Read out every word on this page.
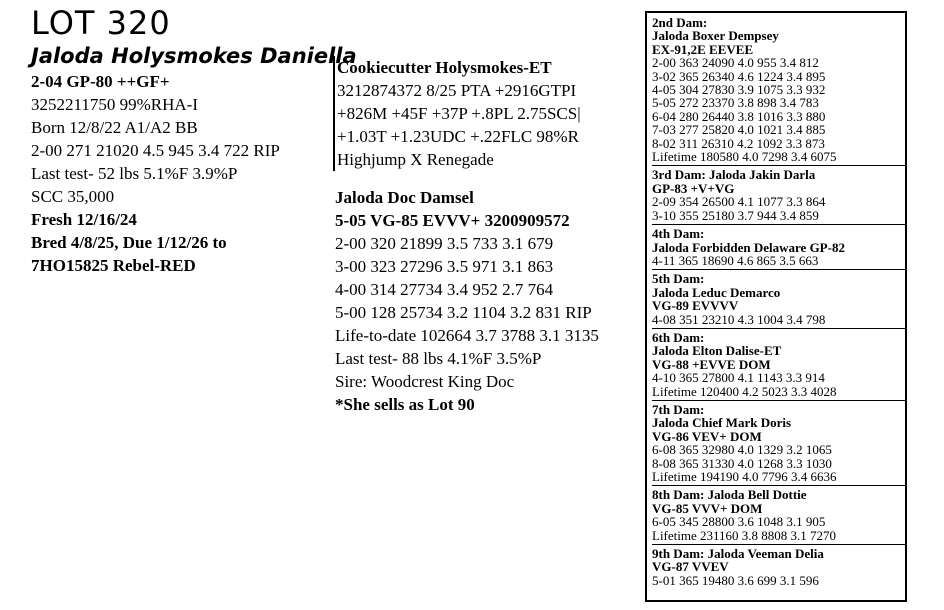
LOT 320
Jaloda Holysmokes Daniella
2-04 GP-80 ++GF+
3252211750 99%RHA-I
Born 12/8/22 A1/A2 BB
2-00 271 21020 4.5 945 3.4 722 RIP
Last test- 52 lbs 5.1%F 3.9%P
SCC 35,000
Fresh 12/16/24
Bred 4/8/25, Due 1/12/26 to
7HO15825 Rebel-RED
Cookiecutter Holysmokes-ET
3212874372 8/25 PTA +2916GTPI
+826M +45F +37P +.8PL 2.75SCS|
+1.03T +1.23UDC +.22FLC 98%R
Highjump X Renegade
Jaloda Doc Damsel
5-05 VG-85 EVVV+ 3200909572
2-00 320 21899 3.5 733 3.1 679
3-00 323 27296 3.5 971 3.1 863
4-00 314 27734 3.4 952 2.7 764
5-00 128 25734 3.2 1104 3.2 831 RIP
Life-to-date 102664 3.7 3788 3.1 3135
Last test- 88 lbs 4.1%F 3.5%P
Sire: Woodcrest King Doc
*She sells as Lot 90
2nd Dam:
Jaloda Boxer Dempsey
EX-91,2E EEVEE
2-00 363 24090 4.0 955 3.4 812
3-02 365 26340 4.6 1224 3.4 895
4-05 304 27830 3.9 1075 3.3 932
5-05 272 23370 3.8 898 3.4 783
6-04 280 26440 3.8 1016 3.3 880
7-03 277 25820 4.0 1021 3.4 885
8-02 311 26310 4.2 1092 3.3 873
Lifetime 180580 4.0 7298 3.4 6075
3rd Dam: Jaloda Jakin Darla
GP-83 +V+VG
2-09 354 26500 4.1 1077 3.3 864
3-10 355 25180 3.7 944 3.4 859
4th Dam:
Jaloda Forbidden Delaware GP-82
4-11 365 18690 4.6 865 3.5 663
5th Dam:
Jaloda Leduc Demarco
VG-89 EVVVV
4-08 351 23210 4.3 1004 3.4 798
6th Dam:
Jaloda Elton Dalise-ET
VG-88 +EVVE DOM
4-10 365 27800 4.1 1143 3.3 914
Lifetime 120400 4.2 5023 3.3 4028
7th Dam:
Jaloda Chief Mark Doris
VG-86 VEV+ DOM
6-08 365 32980 4.0 1329 3.2 1065
8-08 365 31330 4.0 1268 3.3 1030
Lifetime 194190 4.0 7796 3.4 6636
8th Dam: Jaloda Bell Dottie
VG-85 VVV+ DOM
6-05 345 28800 3.6 1048 3.1 905
Lifetime 231160 3.8 8808 3.1 7270
9th Dam: Jaloda Veeman Delia
VG-87 VVEV
5-01 365 19480 3.6 699 3.1 596
